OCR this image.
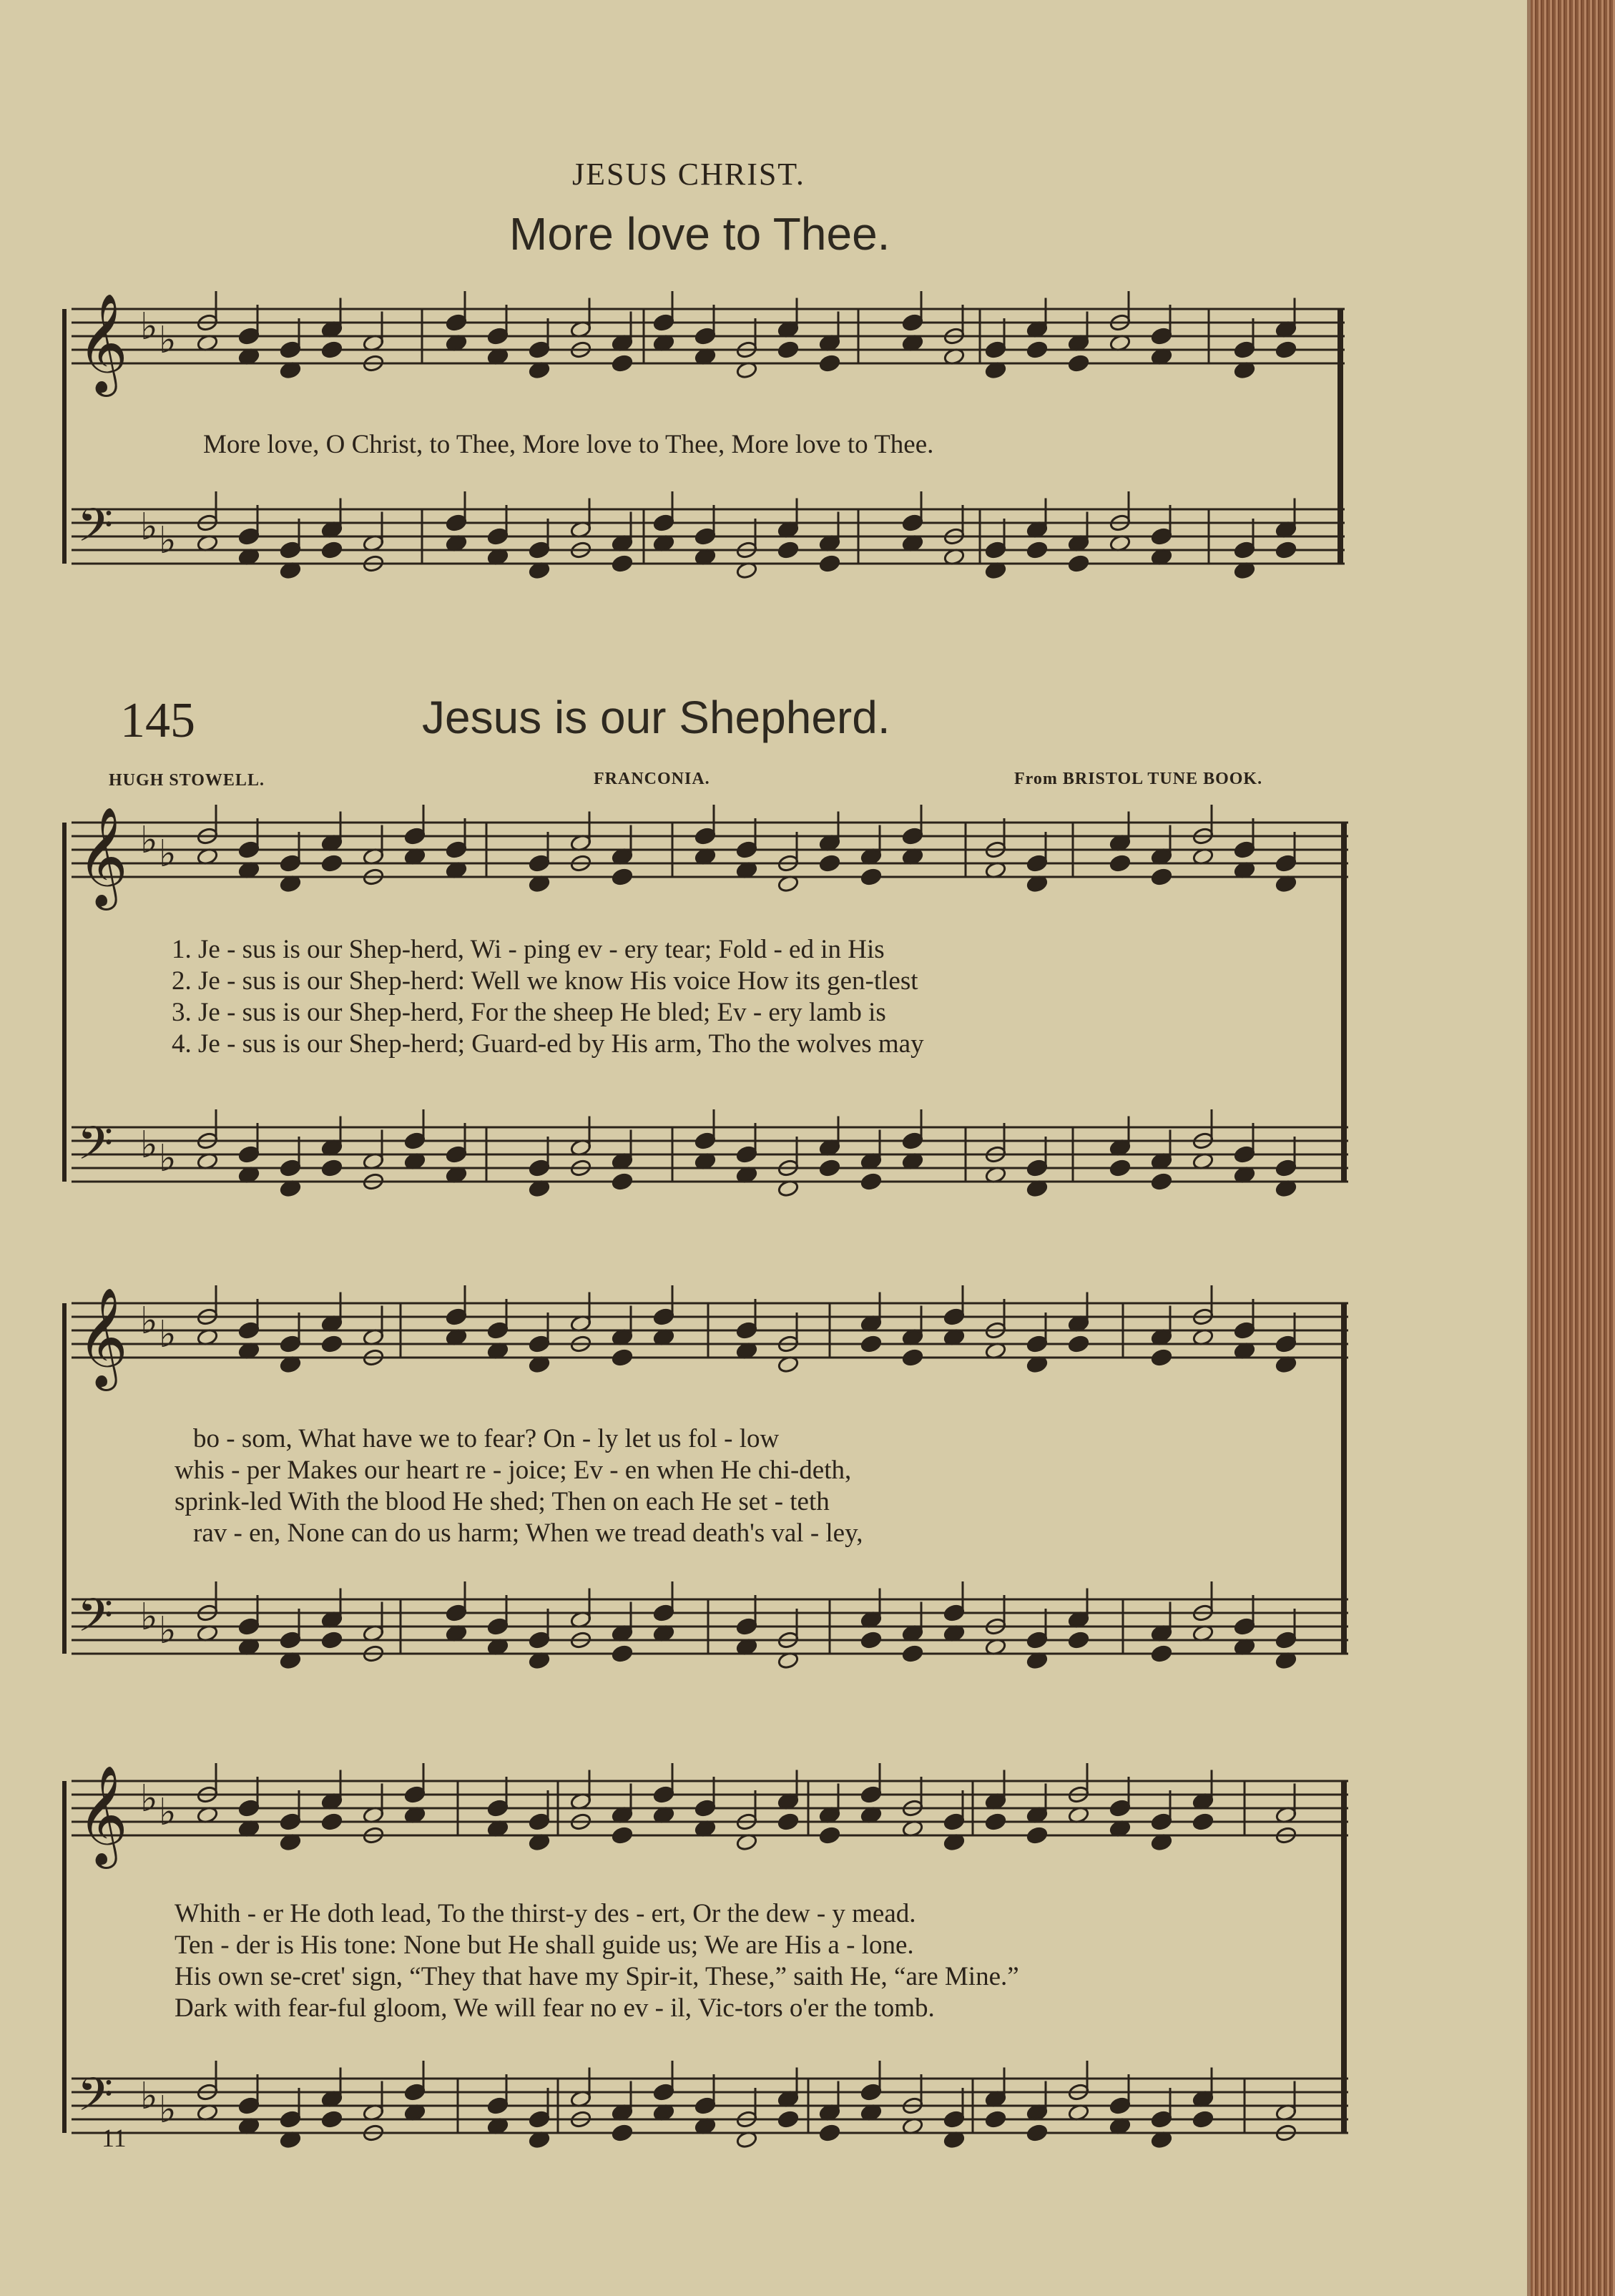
𝄞 ♭ ♭
𝄢 ♭ ♭
𝄞 ♭ ♭
𝄢 ♭ ♭
𝄞 ♭ ♭
𝄢 ♭ ♭
𝄞 ♭ ♭
𝄢 ♭ ♭
JESUS CHRIST.
More love to Thee.
More love, O Christ, to Thee, More love to Thee, More love to Thee.
145	Jesus is our Shepherd.
HUGH STOWELL.	FRANCONIA.	From BRISTOL TUNE BOOK.
1. Je - sus is our Shep-herd, Wi - ping ev - ery tear; Fold - ed in His
2. Je - sus is our Shep-herd: Well we know His voice How its gen-tlest
3. Je - sus is our Shep-herd, For the sheep He bled; Ev - ery lamb is
4. Je - sus is our Shep-herd; Guard-ed by His arm, Tho the wolves may
bo - som, What have we to fear? On - ly let us fol - low
whis - per Makes our heart re - joice; Ev - en when He chi-deth,
sprink-led With the blood He shed; Then on each He set - teth
rav - en, None can do us harm; When we tread death's val - ley,
Whith - er He doth lead, To the thirst-y des - ert, Or the dew - y mead.
Ten - der is His tone: None but He shall guide us; We are His a - lone.
His own se-cret' sign, “They that have my Spir-it, These,” saith He, “are Mine.”
Dark with fear-ful gloom, We will fear no ev - il, Vic-tors o'er the tomb.
11
